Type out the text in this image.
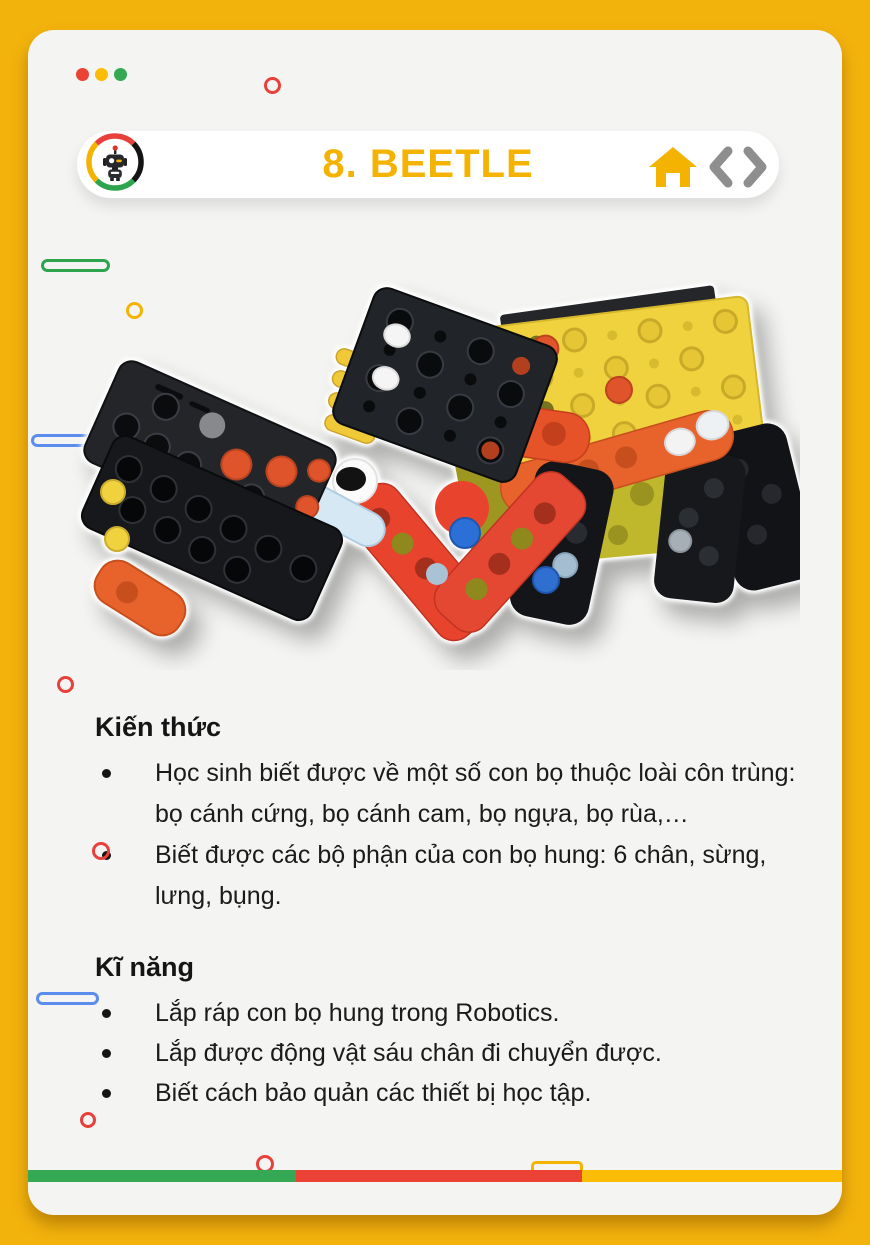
8. BEETLE
Kiến thức
Học sinh biết được về một số con bọ thuộc loài côn trùng: bọ cánh cứng, bọ cánh cam, bọ ngựa, bọ rùa,…
Biết được các bộ phận của con bọ hung: 6 chân, sừng, lưng, bụng.
Kĩ năng
Lắp ráp con bọ hung trong Robotics.
Lắp được động vật sáu chân đi chuyển được.
Biết cách bảo quản các thiết bị học tập.
